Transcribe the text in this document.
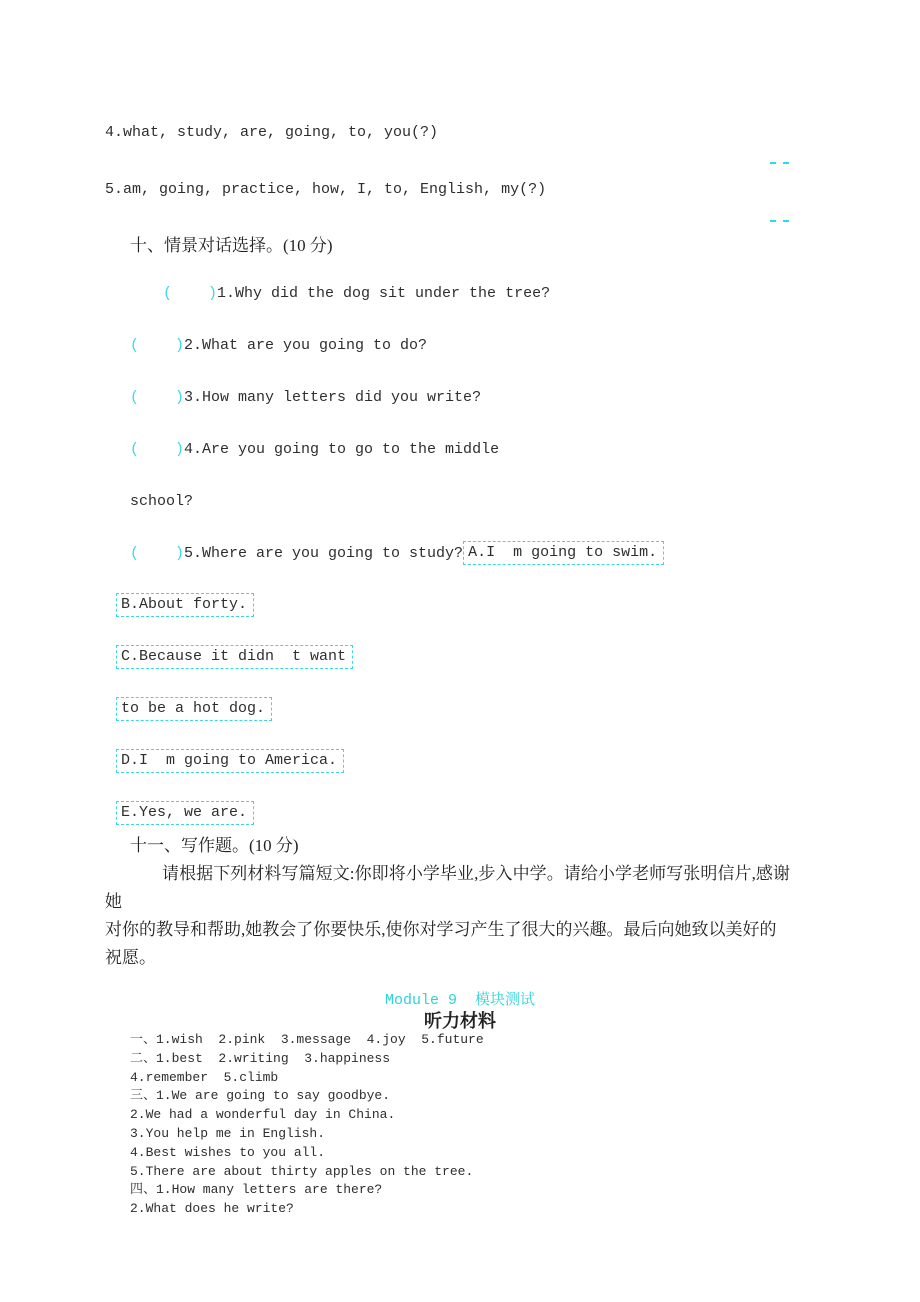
4.what, study, are, going, to, you(?)
5.am, going, practice, how, I, to, English, my(?)
十、情景对话选择。(10 分)
(    ) 1.Why did the dog sit under the tree?
(    ) 2.What are you going to do?
(    ) 3.How many letters did you write?
(    ) 4.Are you going to go to the middle
school?
(    ) 5.Where are you going to study? A.I  m going to swim.
B.About forty.
C.Because it didn  t want
to be a hot dog.
D.I  m going to America.
E.Yes, we are.
十一、写作题。(10 分)
请根据下列材料写篇短文:你即将小学毕业,步入中学。请给小学老师写张明信片,感谢她
对你的教导和帮助,她教会了你要快乐,使你对学习产生了很大的兴趣。最后向她致以美好的
祝愿。
Module 9  模块测试
听力材料
一、1.wish  2.pink  3.message  4.joy  5.future
二、1.best  2.writing  3.happiness
4.remember  5.climb
三、1.We are going to say goodbye.
2.We had a wonderful day in China.
3.You help me in English.
4.Best wishes to you all.
5.There are about thirty apples on the tree.
四、1.How many letters are there?
2.What does he write?
